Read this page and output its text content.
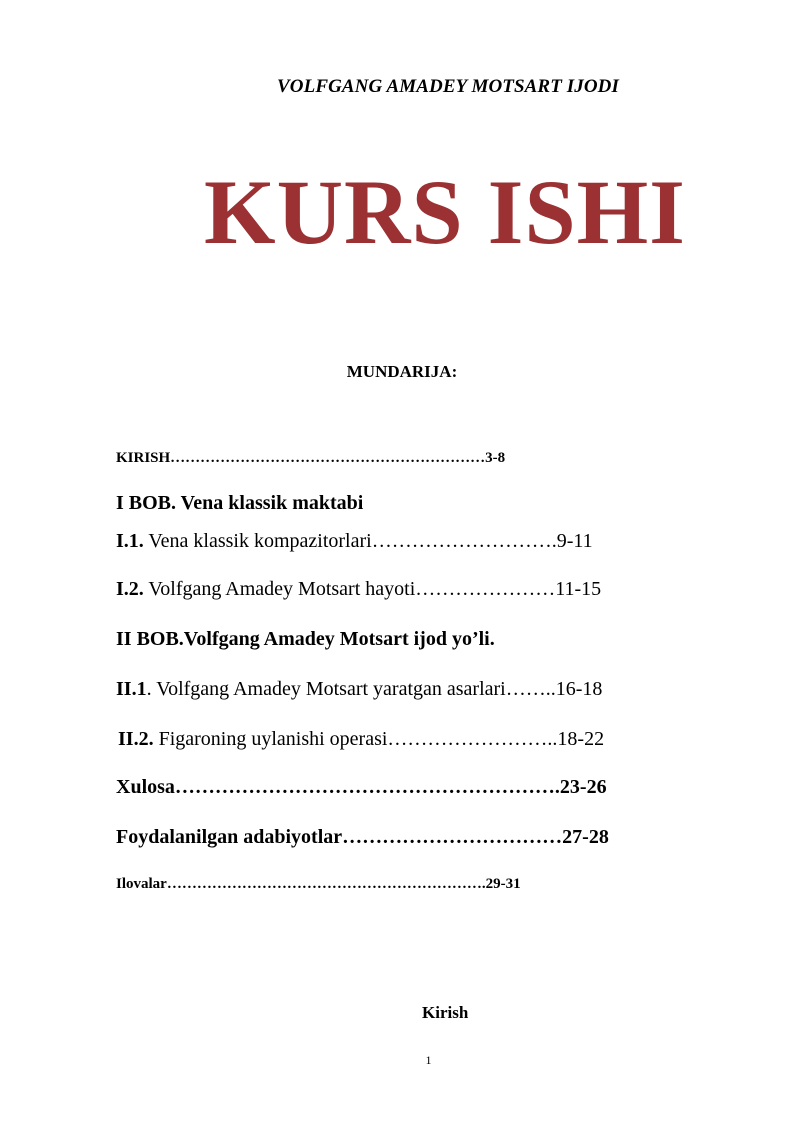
VOLFGANG AMADEY MOTSART IJODI
KURS ISHI
MUNDARIJA:
KIRISH………………………………………………………3-8
I BOB. Vena klassik maktabi
I.1. Vena klassik kompazitorlari……………………….9-11
I.2. Volfgang Amadey Motsart hayoti…………………11-15
II BOB.Volfgang Amadey Motsart ijod yo’li.
II.1. Volfgang Amadey Motsart yaratgan asarlari……..16-18
II.2. Figaroning uylanishi operasi……………………..18-22
Xulosa………………………………………………….23-26
Foydalanilgan adabiyotlar……………………………27-28
Ilovalar……………………………………………………….29-31
Kirish
1
